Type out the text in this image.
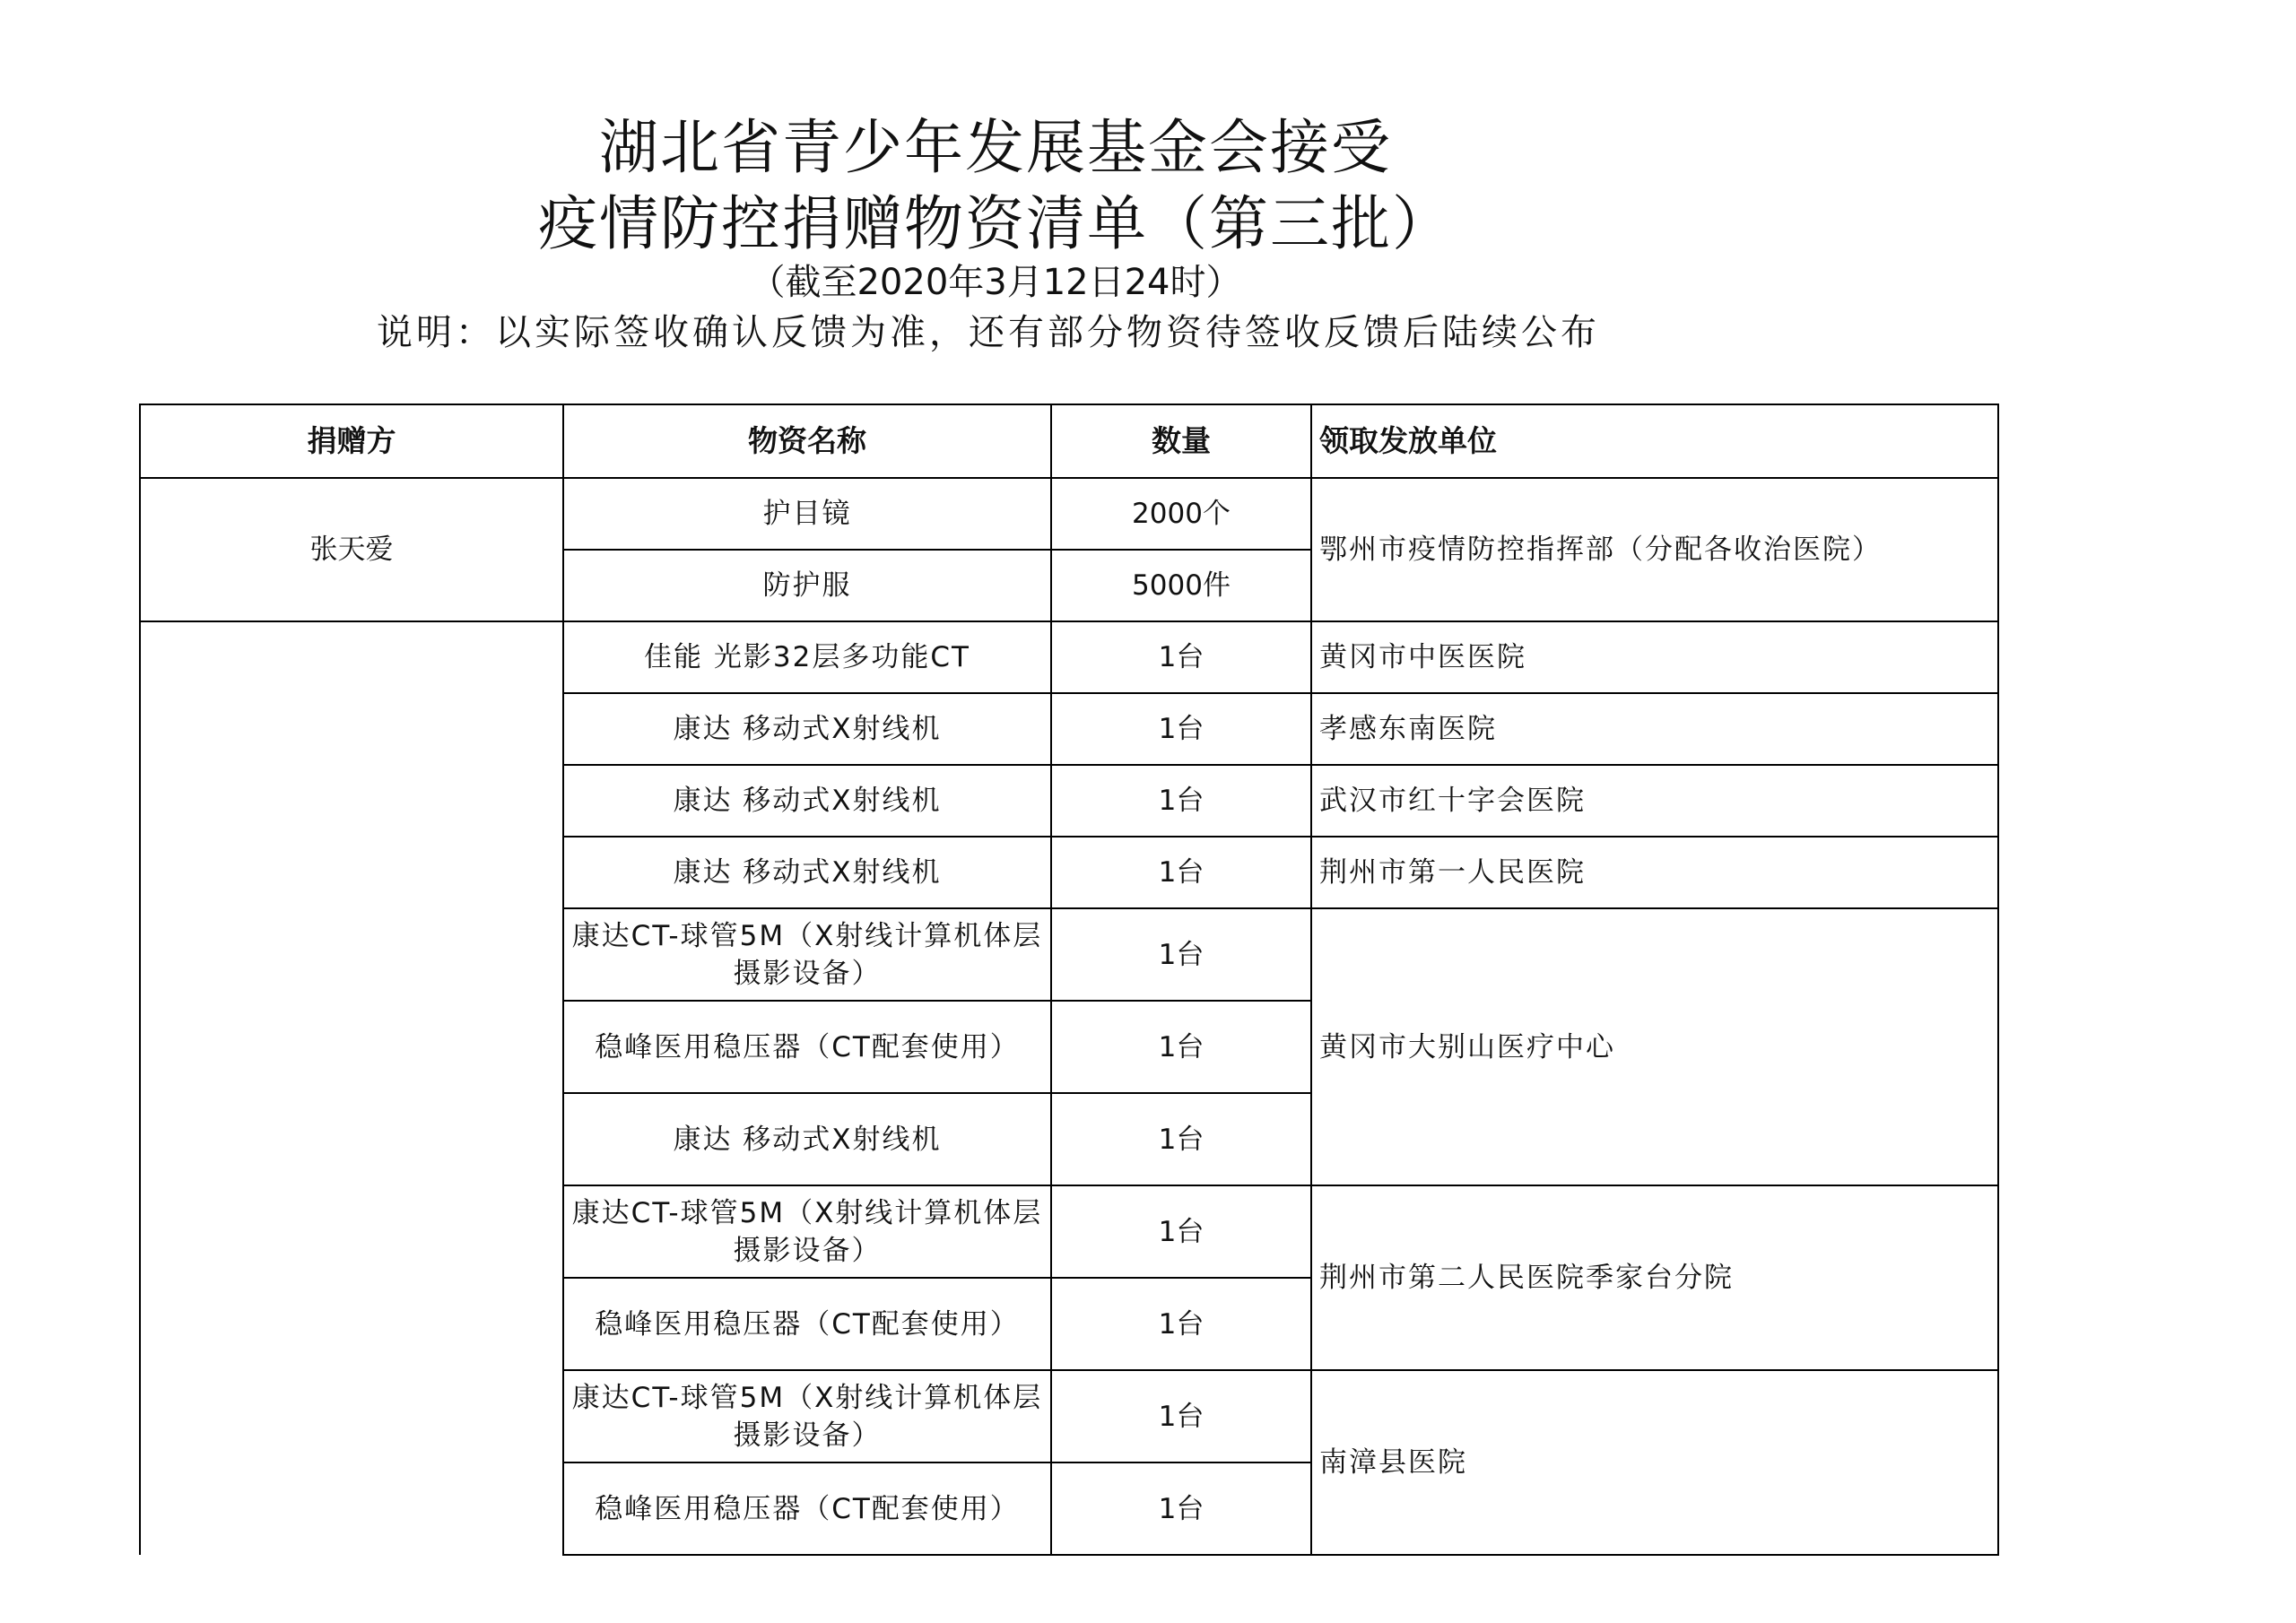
湖北省青少年发展基金会接受
疫情防控捐赠物资清单（第三批）
（截至2020年3月12日24时）
说明：以实际签收确认反馈为准，还有部分物资待签收反馈后陆续公布
捐赠方	物资名称	数量	领取发放单位
张天爱	护目镜	2000个	鄂州市疫情防控指挥部（分配各收治医院）
	防护服	5000件	
	佳能 光影32层多功能CT	1台	黄冈市中医医院
	康达 移动式X射线机	1台	孝感东南医院
	康达 移动式X射线机	1台	武汉市红十字会医院
	康达 移动式X射线机	1台	荆州市第一人民医院
	康达CT-球管5M（X射线计算机体层摄影设备）	1台	黄冈市大别山医疗中心
	稳峰医用稳压器（CT配套使用）	1台	
	康达 移动式X射线机	1台	
	康达CT-球管5M（X射线计算机体层摄影设备）	1台	荆州市第二人民医院季家台分院
	稳峰医用稳压器（CT配套使用）	1台	
	康达CT-球管5M（X射线计算机体层摄影设备）	1台	南漳县医院
	稳峰医用稳压器（CT配套使用）	1台	
